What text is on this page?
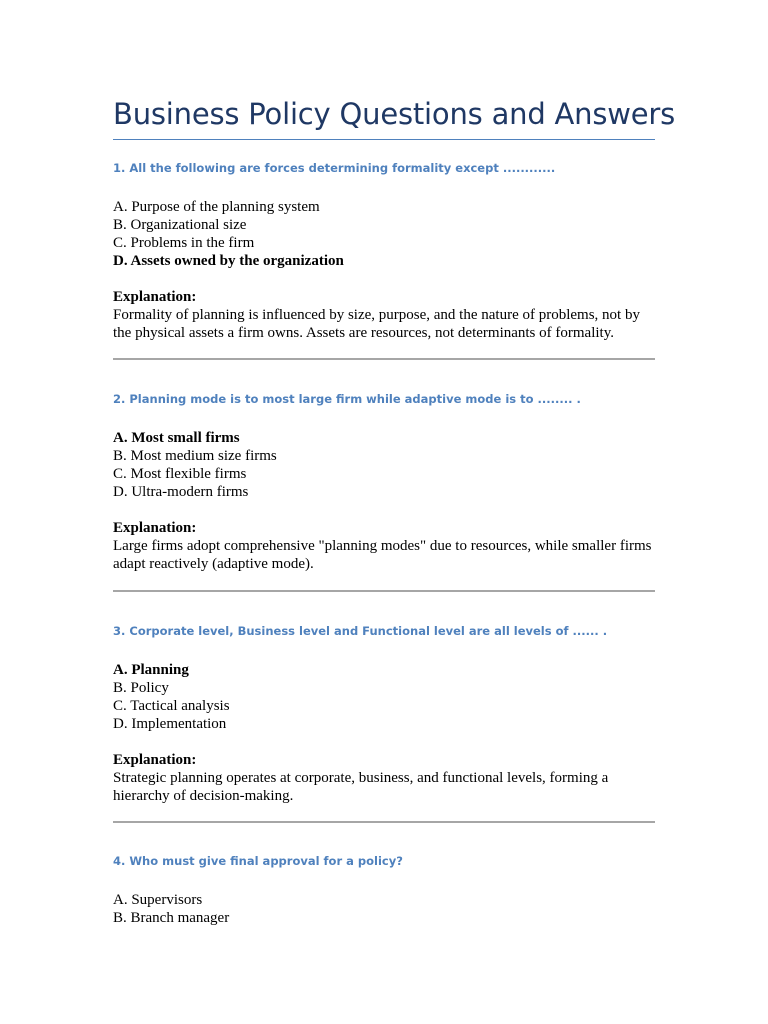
Business Policy Questions and Answers

1. All the following are forces determining formality except ............

A. Purpose of the planning system
B. Organizational size
C. Problems in the firm
D. Assets owned by the organization

Explanation:

Formality of planning is influenced by size, purpose, and the nature of problems, not by

the physical assets a firm owns. Assets are resources, not determinants of formality.

2. Planning mode is to most large firm while adaptive mode is to ........ .

A. Most small firms
B. Most medium size firms
C. Most flexible firms
D. Ultra-modern firms

Explanation:

Large firms adopt comprehensive "planning modes" due to resources, while smaller firms

adapt reactively (adaptive mode).

3. Corporate level, Business level and Functional level are all levels of ...... .

A. Planning
B. Policy
C. Tactical analysis
D. Implementation

Explanation:

Strategic planning operates at corporate, business, and functional levels, forming a

hierarchy of decision-making.

4. Who must give final approval for a policy?

A. Supervisors
B. Branch manager
